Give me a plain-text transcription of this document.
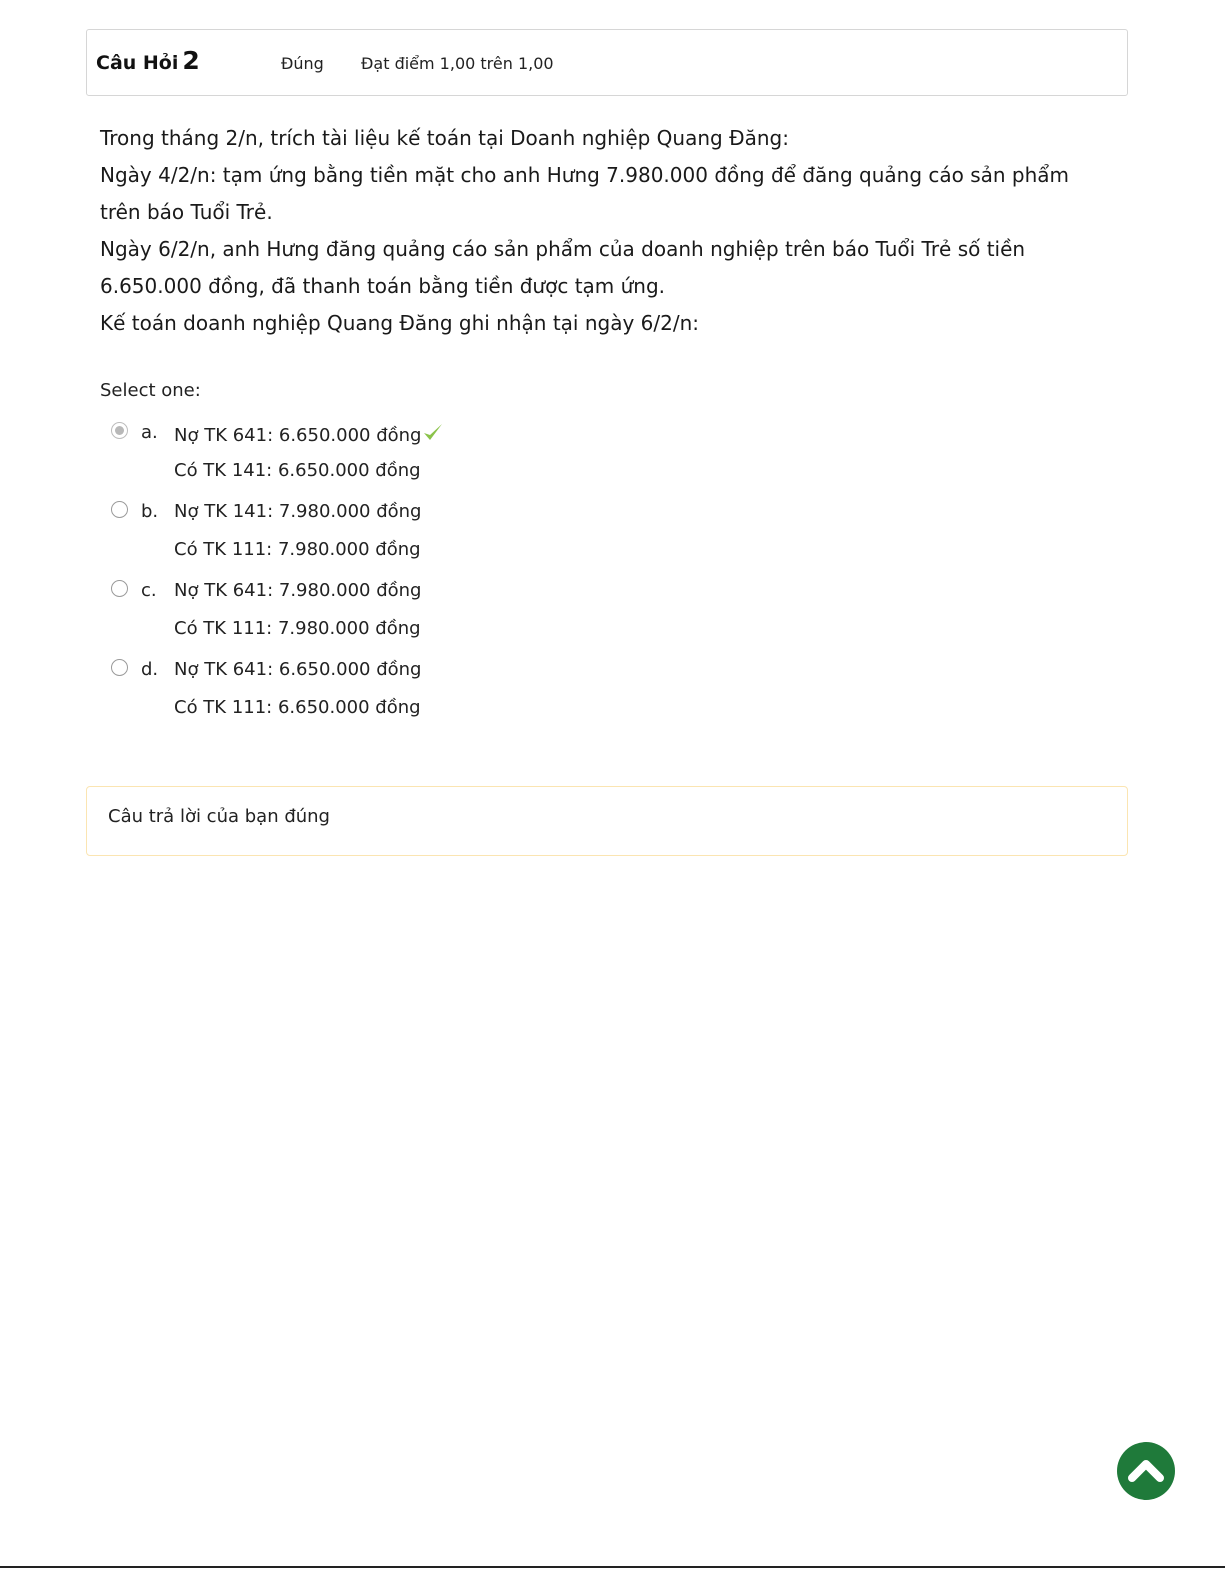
Câu Hỏi 2	Đúng Đạt điểm 1,00 trên 1,00

Trong tháng 2/n, trích tài liệu kế toán tại Doanh nghiệp Quang Đăng:

Ngày 4/2/n: tạm ứng bằng tiền mặt cho anh Hưng 7.980.000 đồng để đăng quảng cáo sản phẩm trên báo Tuổi Trẻ.

Ngày 6/2/n, anh Hưng đăng quảng cáo sản phẩm của doanh nghiệp trên báo Tuổi Trẻ số tiền 6.650.000 đồng, đã thanh toán bằng tiền được tạm ứng.

Kế toán doanh nghiệp Quang Đăng ghi nhận tại ngày 6/2/n:

Select one:
a. Nợ TK 641: 6.650.000 đồng
Có TK 141: 6.650.000 đồng
b. Nợ TK 141: 7.980.000 đồng
Có TK 111: 7.980.000 đồng
c. Nợ TK 641: 7.980.000 đồng
Có TK 111: 7.980.000 đồng
d. Nợ TK 641: 6.650.000 đồng
Có TK 111: 6.650.000 đồng
Câu trả lời của bạn đúng
